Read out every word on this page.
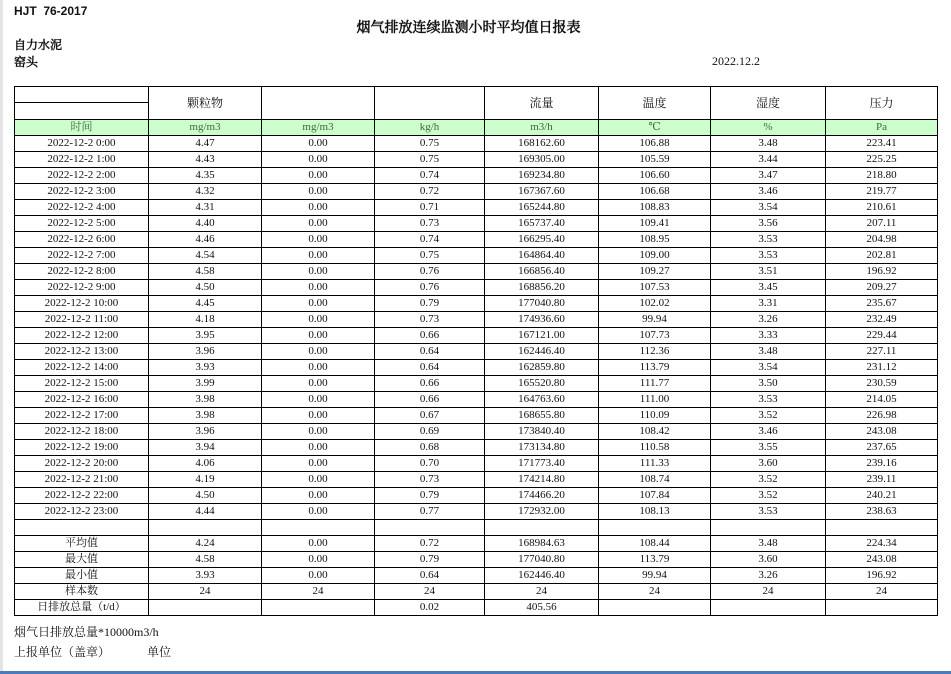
HJT  76-2017
烟气排放连续监测小时平均值日报表
自力水泥
窑头	2022.12.2
	颗粒物			流量	温度	湿度	压力
时间	mg/m3	mg/m3	kg/h	m3/h	℃	%	Pa
2022-12-2 0:00	4.47	0.00	0.75	168162.60	106.88	3.48	223.41
2022-12-2 1:00	4.43	0.00	0.75	169305.00	105.59	3.44	225.25
2022-12-2 2:00	4.35	0.00	0.74	169234.80	106.60	3.47	218.80
2022-12-2 3:00	4.32	0.00	0.72	167367.60	106.68	3.46	219.77
2022-12-2 4:00	4.31	0.00	0.71	165244.80	108.83	3.54	210.61
2022-12-2 5:00	4.40	0.00	0.73	165737.40	109.41	3.56	207.11
2022-12-2 6:00	4.46	0.00	0.74	166295.40	108.95	3.53	204.98
2022-12-2 7:00	4.54	0.00	0.75	164864.40	109.00	3.53	202.81
2022-12-2 8:00	4.58	0.00	0.76	166856.40	109.27	3.51	196.92
2022-12-2 9:00	4.50	0.00	0.76	168856.20	107.53	3.45	209.27
2022-12-2 10:00	4.45	0.00	0.79	177040.80	102.02	3.31	235.67
2022-12-2 11:00	4.18	0.00	0.73	174936.60	99.94	3.26	232.49
2022-12-2 12:00	3.95	0.00	0.66	167121.00	107.73	3.33	229.44
2022-12-2 13:00	3.96	0.00	0.64	162446.40	112.36	3.48	227.11
2022-12-2 14:00	3.93	0.00	0.64	162859.80	113.79	3.54	231.12
2022-12-2 15:00	3.99	0.00	0.66	165520.80	111.77	3.50	230.59
2022-12-2 16:00	3.98	0.00	0.66	164763.60	111.00	3.53	214.05
2022-12-2 17:00	3.98	0.00	0.67	168655.80	110.09	3.52	226.98
2022-12-2 18:00	3.96	0.00	0.69	173840.40	108.42	3.46	243.08
2022-12-2 19:00	3.94	0.00	0.68	173134.80	110.58	3.55	237.65
2022-12-2 20:00	4.06	0.00	0.70	171773.40	111.33	3.60	239.16
2022-12-2 21:00	4.19	0.00	0.73	174214.80	108.74	3.52	239.11
2022-12-2 22:00	4.50	0.00	0.79	174466.20	107.84	3.52	240.21
2022-12-2 23:00	4.44	0.00	0.77	172932.00	108.13	3.53	238.63

平均值	4.24	0.00	0.72	168984.63	108.44	3.48	224.34
最大值	4.58	0.00	0.79	177040.80	113.79	3.60	243.08
最小值	3.93	0.00	0.64	162446.40	99.94	3.26	196.92
样本数	24	24	24	24	24	24	24
日排放总量（t/d）			0.02	405.56			
烟气日排放总量*10000m3/h
上报单位（盖章）	单位
